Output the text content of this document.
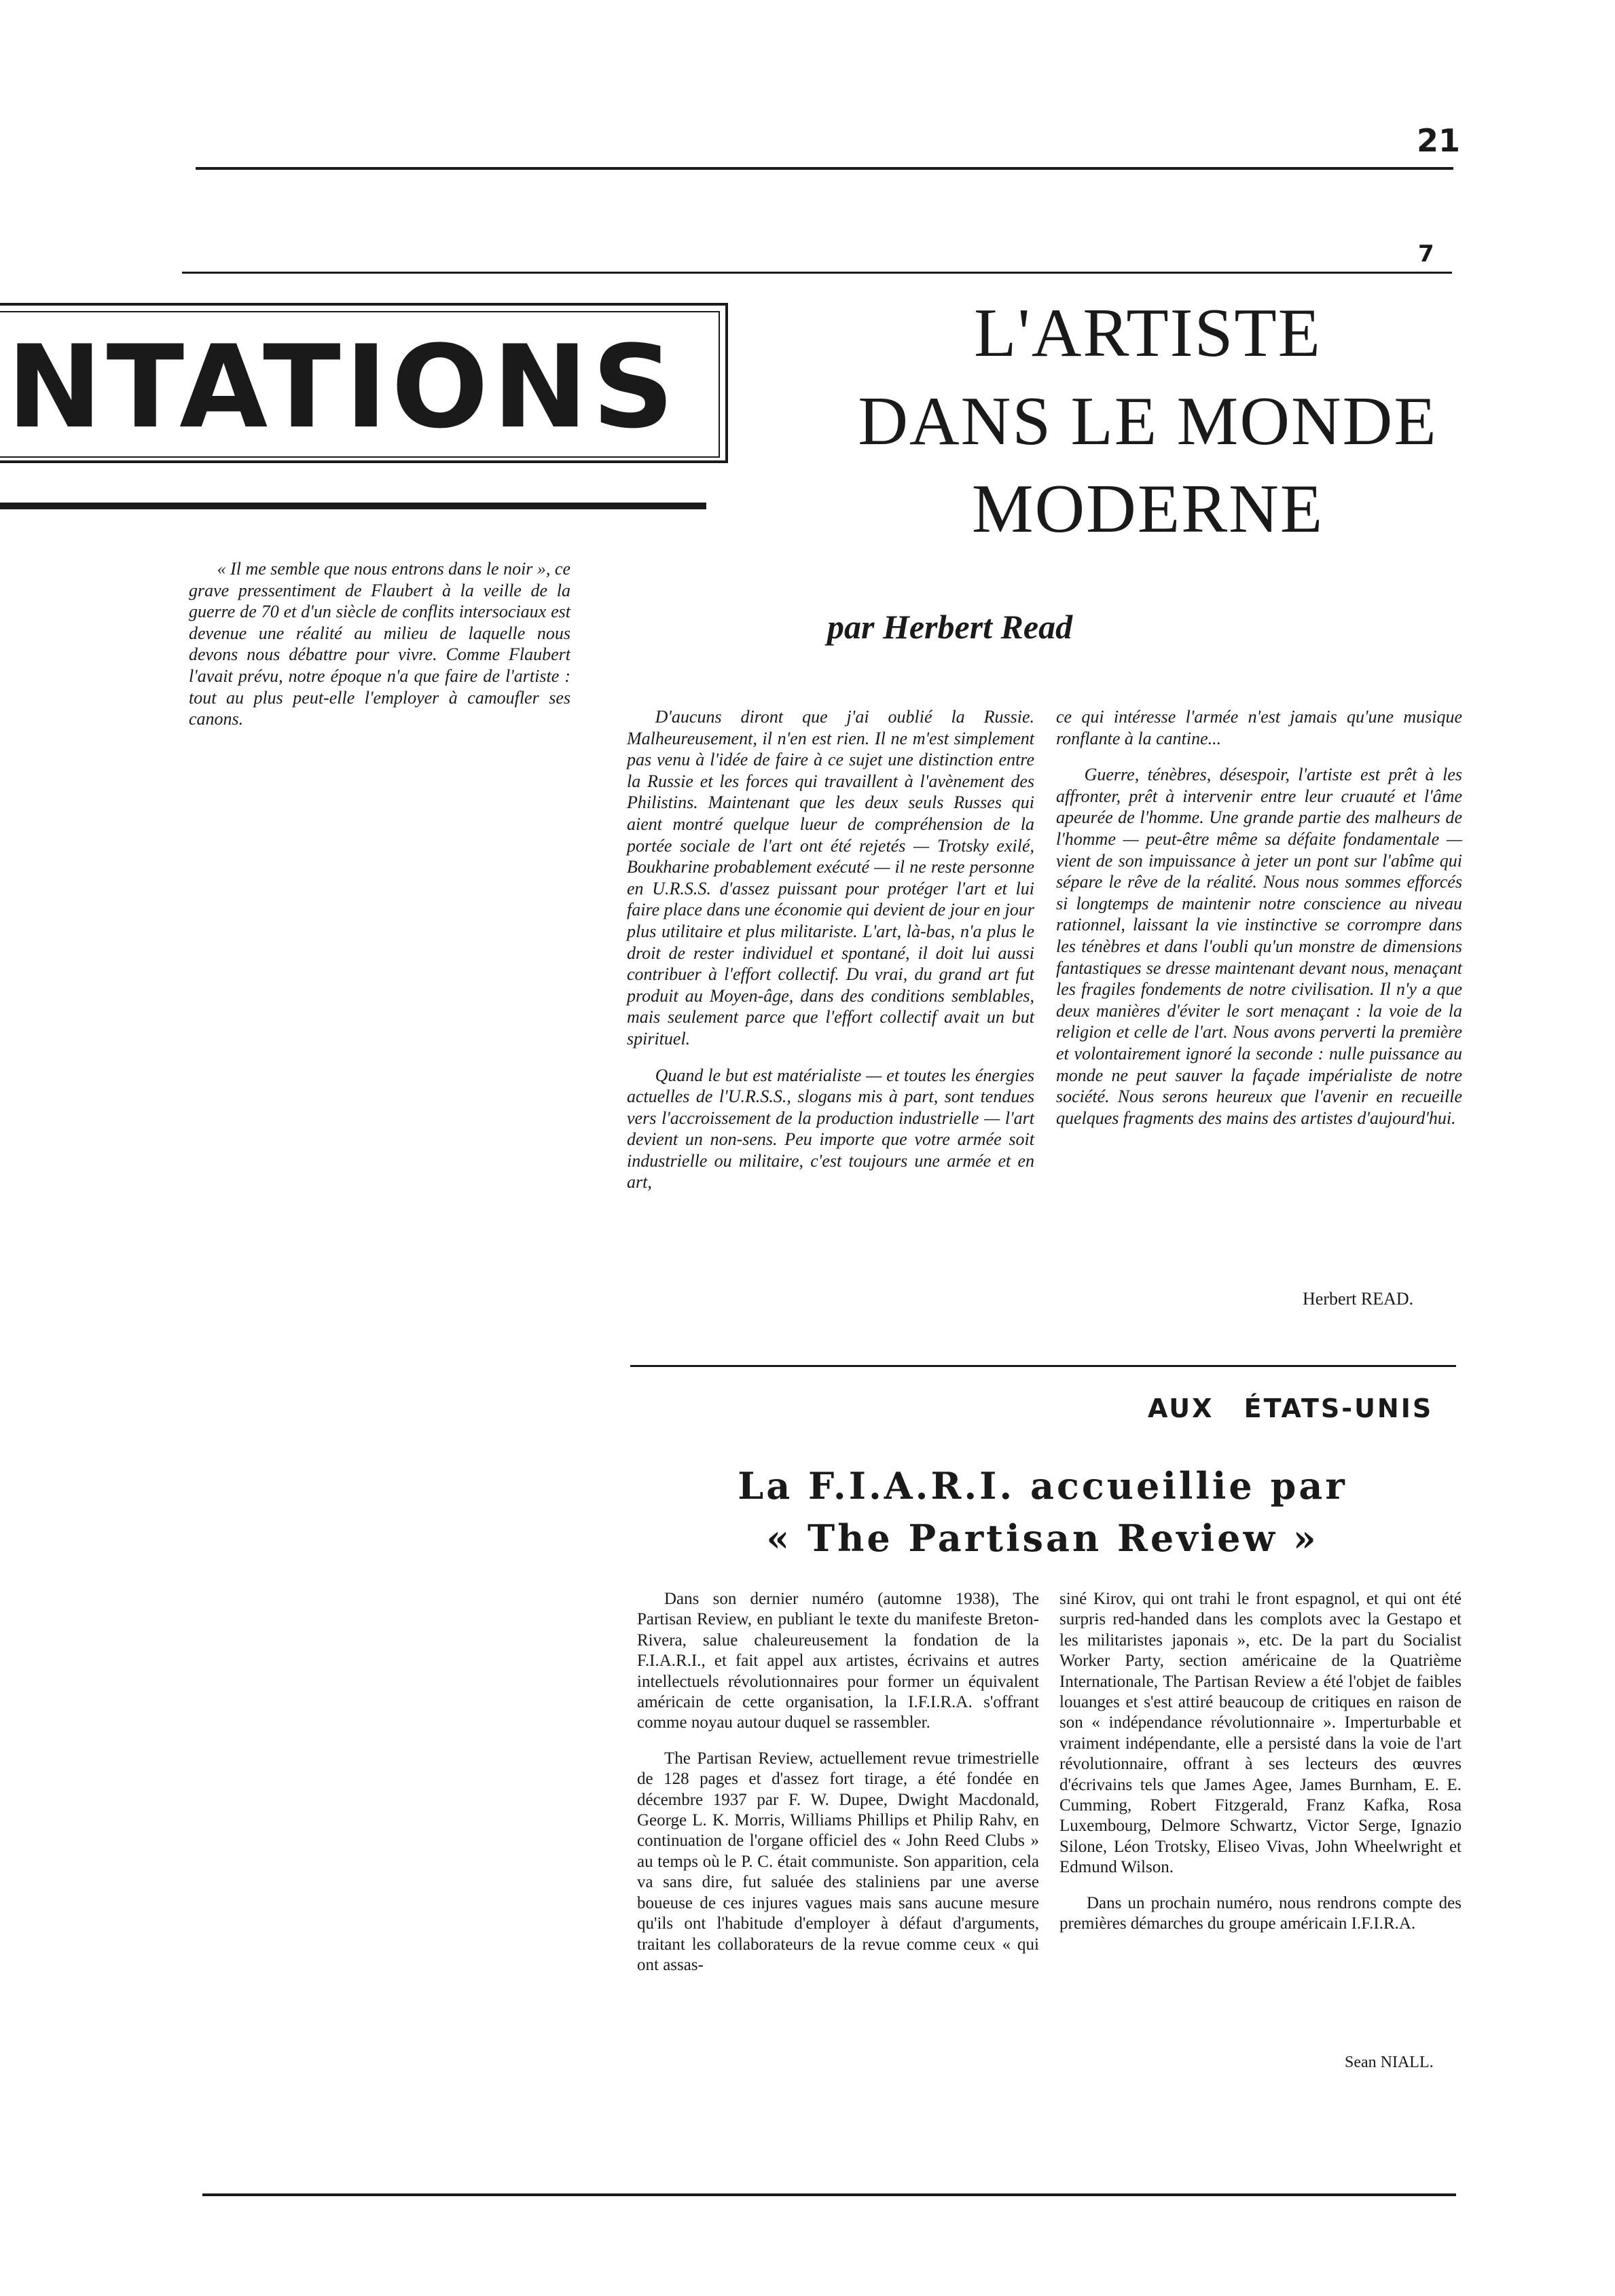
21
7
NTATIONS	L'ARTISTE
DANS LE MONDE
MODERNE
par Herbert Read

« Il me semble que nous entrons dans le noir », ce grave pressentiment de Flaubert à la veille de la guerre de 70 et d'un siècle de conflits intersociaux est devenue une réalité au milieu de laquelle nous devons nous débattre pour vivre. Comme Flaubert l'avait prévu, notre époque n'a que faire de l'artiste : tout au plus peut-elle l'employer à camoufler ses canons.	D'aucuns diront que j'ai oublié la Russie. Malheureusement, il n'en est rien. Il ne m'est simplement pas venu à l'idée de faire à ce sujet une distinction entre la Russie et les forces qui travaillent à l'avènement des Philistins. Maintenant que les deux seuls Russes qui aient montré quelque lueur de compréhension de la portée sociale de l'art ont été rejetés — Trotsky exilé, Boukharine probablement exécuté — il ne reste personne en U.R.S.S. d'assez puissant pour protéger l'art et lui faire place dans une économie qui devient de jour en jour plus utilitaire et plus militariste. L'art, là-bas, n'a plus le droit de rester individuel et spontané, il doit lui aussi contribuer à l'effort collectif. Du vrai, du grand art fut produit au Moyen-âge, dans des conditions semblables, mais seulement parce que l'effort collectif avait un but spirituel.

Quand le but est matérialiste — et toutes les énergies actuelles de l'U.R.S.S., slogans mis à part, sont tendues vers l'accroissement de la production industrielle — l'art devient un non-sens. Peu importe que votre armée soit industrielle ou militaire, c'est toujours une armée et en art,

ce qui intéresse l'armée n'est jamais qu'une musique ronflante à la cantine...

Guerre, ténèbres, désespoir, l'artiste est prêt à les affronter, prêt à intervenir entre leur cruauté et l'âme apeurée de l'homme. Une grande partie des malheurs de l'homme — peut-être même sa défaite fondamentale — vient de son impuissance à jeter un pont sur l'abîme qui sépare le rêve de la réalité. Nous nous sommes efforcés si longtemps de maintenir notre conscience au niveau rationnel, laissant la vie instinctive se corrompre dans les ténèbres et dans l'oubli qu'un monstre de dimensions fantastiques se dresse maintenant devant nous, menaçant les fragiles fondements de notre civilisation. Il n'y a que deux manières d'éviter le sort menaçant : la voie de la religion et celle de l'art. Nous avons perverti la première et volontairement ignoré la seconde : nulle puissance au monde ne peut sauver la façade impérialiste de notre société. Nous serons heureux que l'avenir en recueille quelques fragments des mains des artistes d'aujourd'hui.

Herbert READ.
AUX ÉTATS-UNIS
La F.I.A.R.I. accueillie par
« The Partisan Review »

Dans son dernier numéro (automne 1938), The Partisan Review, en publiant le texte du manifeste Breton-Rivera, salue chaleureusement la fondation de la F.I.A.R.I., et fait appel aux artistes, écrivains et autres intellectuels révolutionnaires pour former un équivalent américain de cette organisation, la I.F.I.R.A. s'offrant comme noyau autour duquel se rassembler.

The Partisan Review, actuellement revue trimestrielle de 128 pages et d'assez fort tirage, a été fondée en décembre 1937 par F. W. Dupee, Dwight Macdonald, George L. K. Morris, Williams Phillips et Philip Rahv, en continuation de l'organe officiel des « John Reed Clubs » au temps où le P. C. était communiste. Son apparition, cela va sans dire, fut saluée des staliniens par une averse boueuse de ces injures vagues mais sans aucune mesure qu'ils ont l'habitude d'employer à défaut d'arguments, traitant les collaborateurs de la revue comme ceux « qui ont assas-

siné Kirov, qui ont trahi le front espagnol, et qui ont été surpris red-handed dans les complots avec la Gestapo et les militaristes japonais », etc. De la part du Socialist Worker Party, section américaine de la Quatrième Internationale, The Partisan Review a été l'objet de faibles louanges et s'est attiré beaucoup de critiques en raison de son « indépendance révolutionnaire ». Imperturbable et vraiment indépendante, elle a persisté dans la voie de l'art révolutionnaire, offrant à ses lecteurs des œuvres d'écrivains tels que James Agee, James Burnham, E. E. Cumming, Robert Fitzgerald, Franz Kafka, Rosa Luxembourg, Delmore Schwartz, Victor Serge, Ignazio Silone, Léon Trotsky, Eliseo Vivas, John Wheelwright et Edmund Wilson.

Dans un prochain numéro, nous rendrons compte des premières démarches du groupe américain I.F.I.R.A.

Sean NIALL.
